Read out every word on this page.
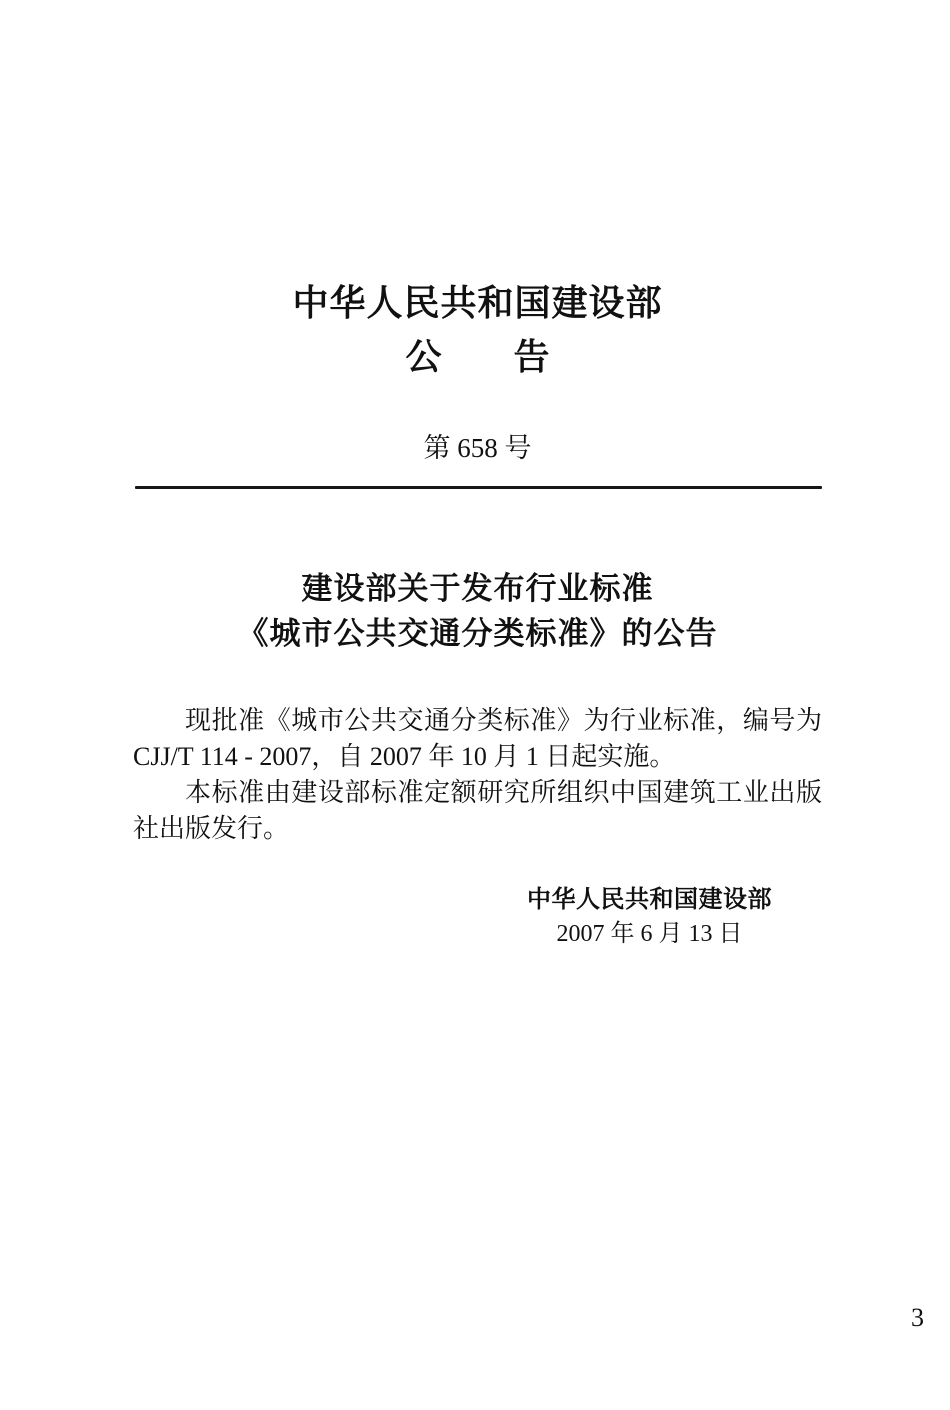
中华人民共和国建设部
公　　告
第 658 号
建设部关于发布行业标准
《城市公共交通分类标准》的公告

现批准《城市公共交通分类标准》为行业标准，编号为 CJJ/T 114 - 2007，自 2007 年 10 月 1 日起实施。

本标准由建设部标准定额研究所组织中国建筑工业出版社出版发行。

中华人民共和国建设部
2007 年 6 月 13 日
3
